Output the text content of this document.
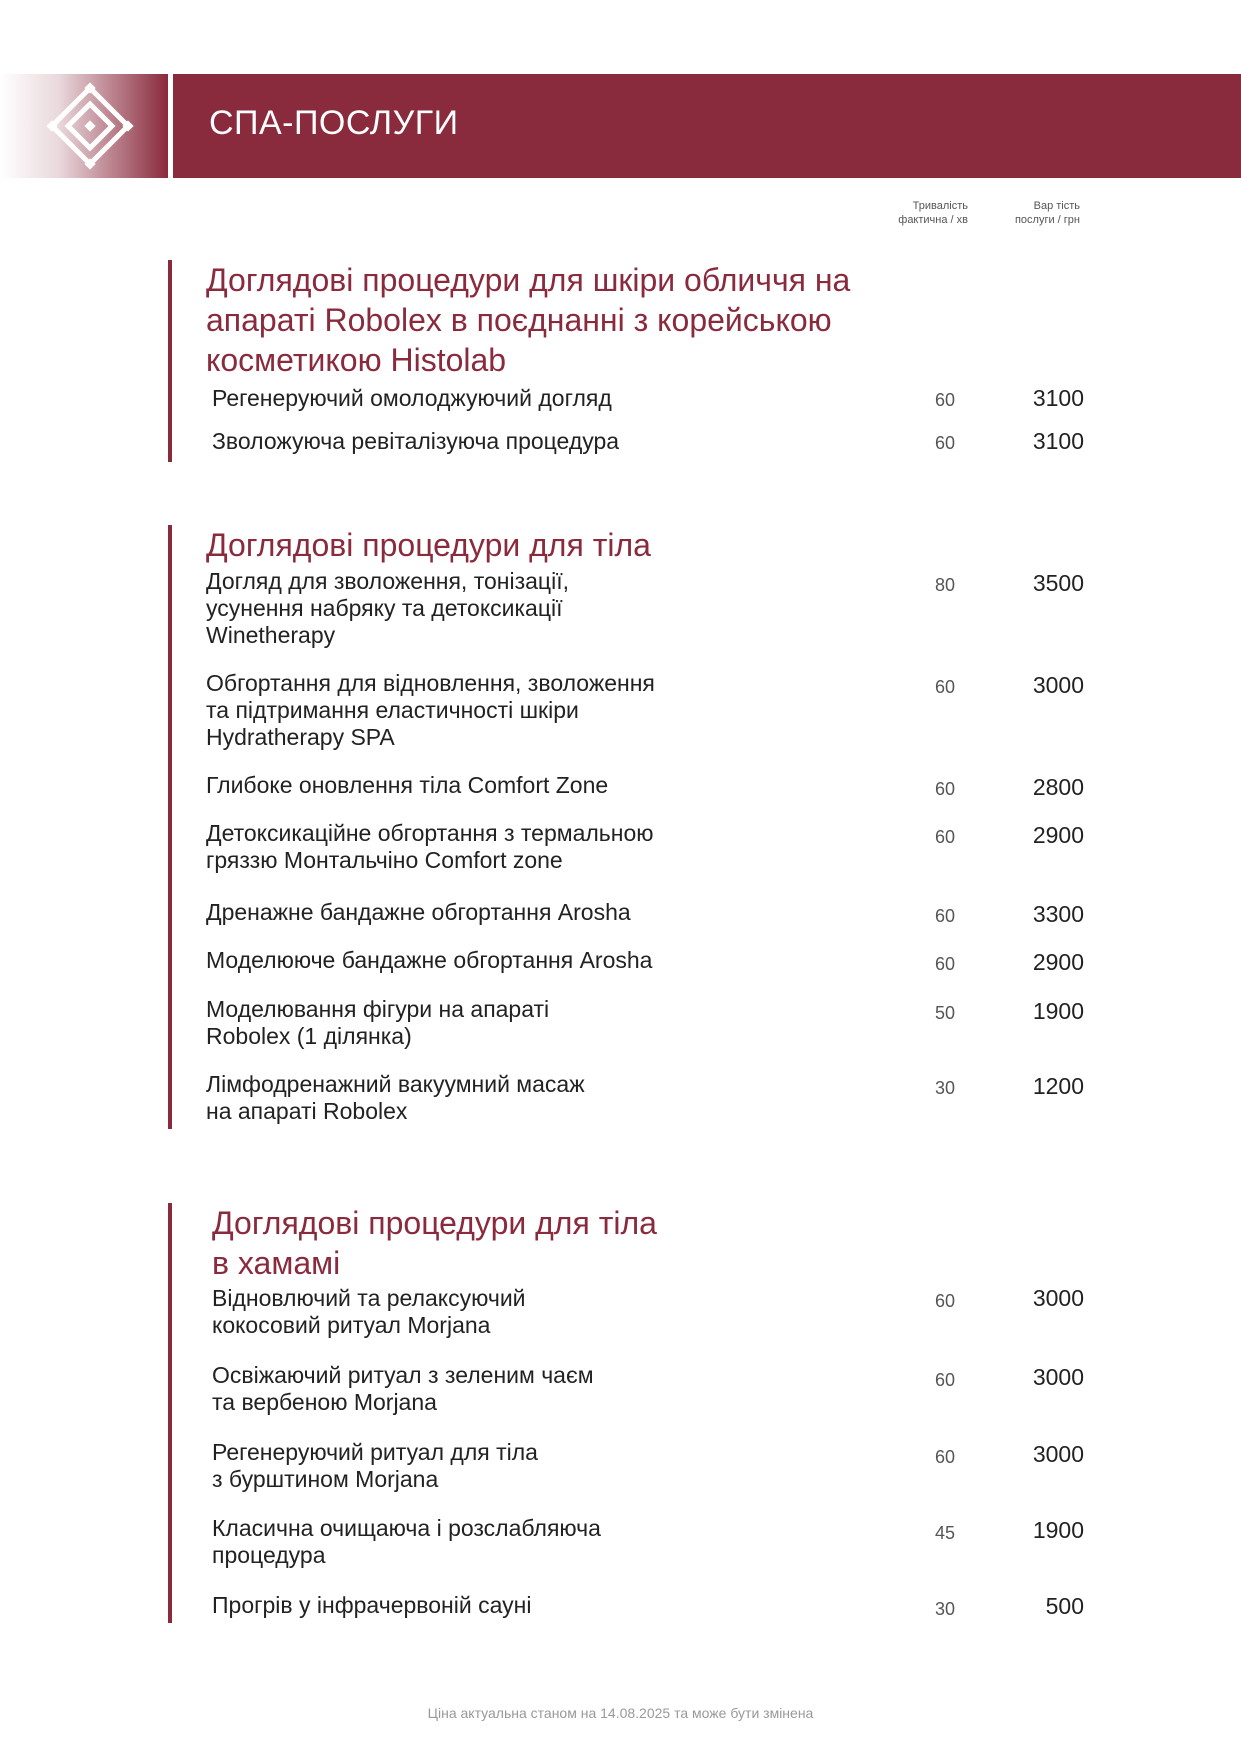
СПА-ПОСЛУГИ
Тривалість
фактична / хв
Вар тість
послуги / грн
Доглядові процедури для шкіри обличчя на
апараті Robolex в поєднанні з корейською
косметикою Histolab
Регенеруючий омолоджуючий догляд	60	3100
Зволожуюча ревіталізуюча процедура	60	3100
Доглядові процедури для тіла
Догляд для зволоження, тонізації,
усунення набряку та детоксикації
Winetherapy
80	3500
Обгортання для відновлення, зволоження
та підтримання еластичності шкіри
Hydratherapy SPA
60	3000
Глибоке оновлення тіла Comfort Zone	60	2800
Детоксикаційне обгортання з термальною
гряззю Монтальчіно Comfort zone
60	2900
Дренажне бандажне обгортання Arosha	60	3300
Моделююче бандажне обгортання Arosha	60	2900
Моделювання фігури на апараті
Robolex (1 ділянка)
50	1900
Лімфодренажний вакуумний масаж
на апараті Robolex
30	1200
Доглядові процедури для тіла
в хамамі
Відновлючий та релаксуючий
кокосовий ритуал Morjana
60	3000
Освіжаючий ритуал з зеленим чаєм
та вербеною Morjana
60	3000
Регенеруючий ритуал для тіла
з бурштином Morjana
60	3000
Класична очищаюча і розслабляюча
процедура
45	1900
Прогрів у інфрачервоній сауні	30	500
Ціна актуальна станом на 14.08.2025 та може бути змінена
